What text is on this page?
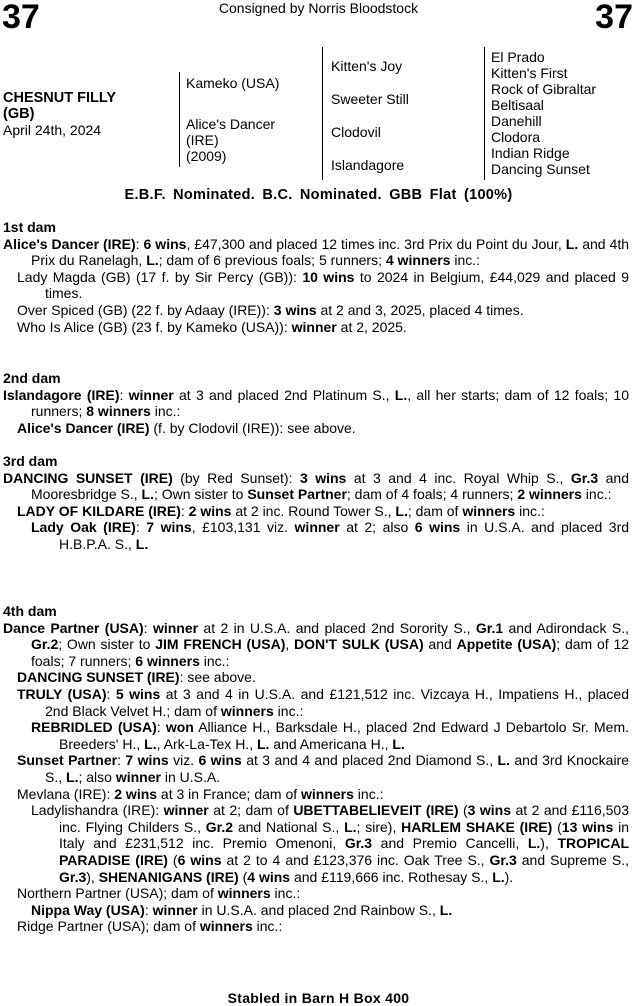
37	37
Consigned by Norris Bloodstock
CHESNUT FILLY
(GB)
April 24th, 2024
Kameko (USA)
Alice's Dancer
(IRE)
(2009)
Kitten's Joy
Sweeter Still
Clodovil
Islandagore
El Prado
Kitten's First
Rock of Gibraltar
Beltisaal
Danehill
Clodora
Indian Ridge
Dancing Sunset
E.B.F. Nominated. B.C. Nominated. GBB Flat (100%)
1st dam
Alice's Dancer (IRE): 6 wins, £47,300 and placed 12 times inc. 3rd Prix du Point du Jour, L. and 4th Prix du Ranelagh, L.; dam of 6 previous foals; 5 runners; 4 winners inc.:
Lady Magda (GB) (17 f. by Sir Percy (GB)): 10 wins to 2024 in Belgium, £44,029 and placed 9 times.
Over Spiced (GB) (22 f. by Adaay (IRE)): 3 wins at 2 and 3, 2025, placed 4 times.
Who Is Alice (GB) (23 f. by Kameko (USA)): winner at 2, 2025.
2nd dam
Islandagore (IRE): winner at 3 and placed 2nd Platinum S., L., all her starts; dam of 12 foals; 10 runners; 8 winners inc.:
Alice's Dancer (IRE) (f. by Clodovil (IRE)): see above.
3rd dam
DANCING SUNSET (IRE) (by Red Sunset): 3 wins at 3 and 4 inc. Royal Whip S., Gr.3 and Mooresbridge S., L.; Own sister to Sunset Partner; dam of 4 foals; 4 runners; 2 winners inc.:
LADY OF KILDARE (IRE): 2 wins at 2 inc. Round Tower S., L.; dam of winners inc.:
Lady Oak (IRE): 7 wins, £103,131 viz. winner at 2; also 6 wins in U.S.A. and placed 3rd H.B.P.A. S., L.
4th dam
Dance Partner (USA): winner at 2 in U.S.A. and placed 2nd Sorority S., Gr.1 and Adirondack S., Gr.2; Own sister to JIM FRENCH (USA), DON'T SULK (USA) and Appetite (USA); dam of 12 foals; 7 runners; 6 winners inc.:
DANCING SUNSET (IRE): see above.
TRULY (USA): 5 wins at 3 and 4 in U.S.A. and £121,512 inc. Vizcaya H., Impatiens H., placed 2nd Black Velvet H.; dam of winners inc.:
REBRIDLED (USA): won Alliance H., Barksdale H., placed 2nd Edward J Debartolo Sr. Mem. Breeders' H., L., Ark-La-Tex H., L. and Americana H., L.
Sunset Partner: 7 wins viz. 6 wins at 3 and 4 and placed 2nd Diamond S., L. and 3rd Knockaire S., L.; also winner in U.S.A.
Mevlana (IRE): 2 wins at 3 in France; dam of winners inc.:
Ladylishandra (IRE): winner at 2; dam of UBETTABELIEVEIT (IRE) (3 wins at 2 and £116,503 inc. Flying Childers S., Gr.2 and National S., L.; sire), HARLEM SHAKE (IRE) (13 wins in Italy and £231,512 inc. Premio Omenoni, Gr.3 and Premio Cancelli, L.), TROPICAL PARADISE (IRE) (6 wins at 2 to 4 and £123,376 inc. Oak Tree S., Gr.3 and Supreme S., Gr.3), SHENANIGANS (IRE) (4 wins and £119,666 inc. Rothesay S., L.).
Northern Partner (USA); dam of winners inc.:
Nippa Way (USA): winner in U.S.A. and placed 2nd Rainbow S., L.
Ridge Partner (USA); dam of winners inc.:
Stabled in Barn H Box 400
